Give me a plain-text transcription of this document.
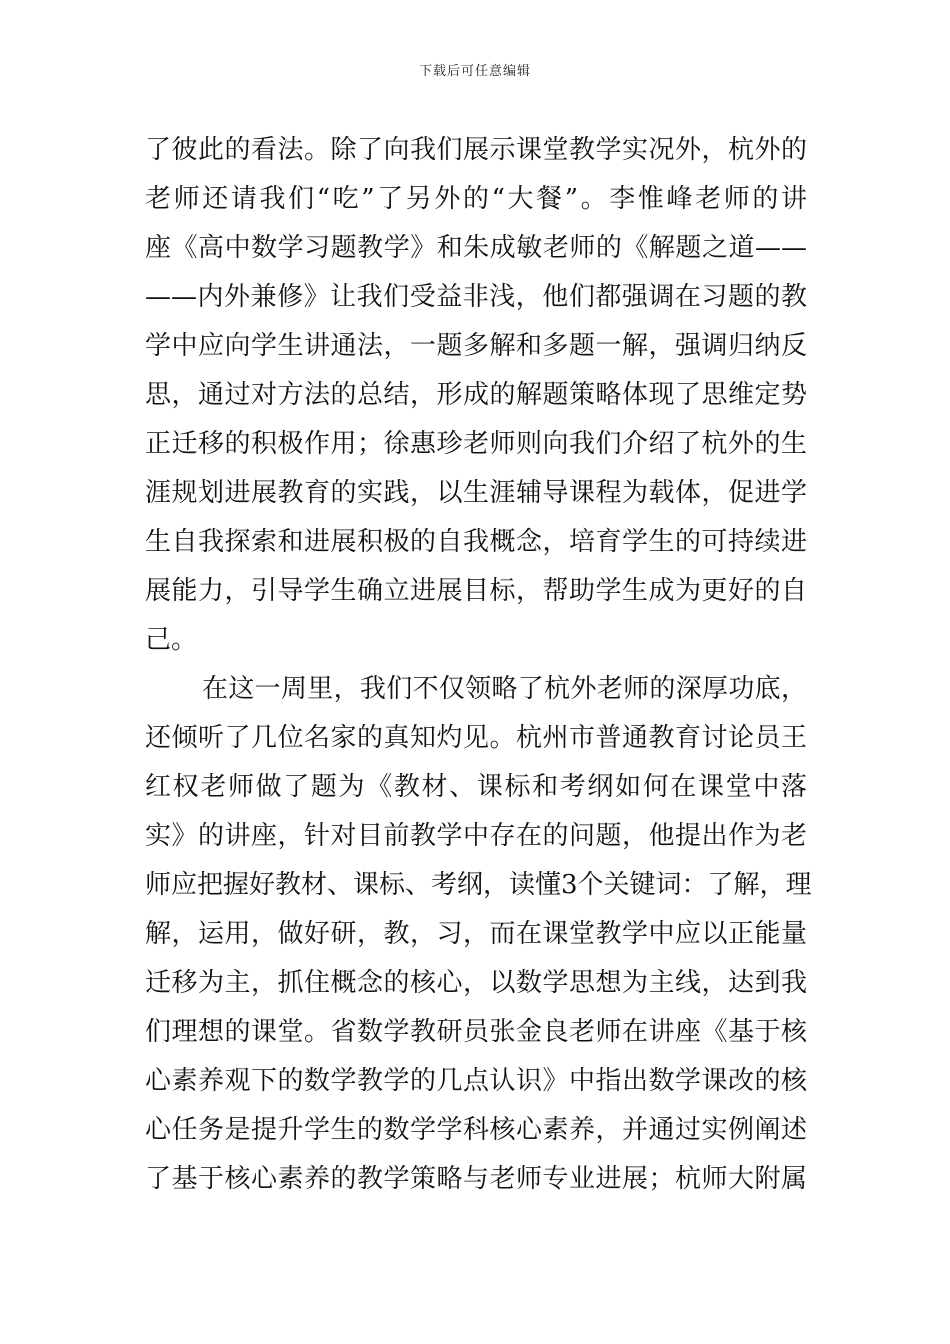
下载后可任意编辑
了彼此的看法。除了向我们展示课堂教学实况外，杭外的
老师还请我们“吃”了另外的“大餐”。李惟峰老师的讲
座《高中数学习题教学》和朱成敏老师的《解题之道——
——内外兼修》让我们受益非浅，他们都强调在习题的教
学中应向学生讲通法，一题多解和多题一解，强调归纳反
思，通过对方法的总结，形成的解题策略体现了思维定势
正迁移的积极作用；徐惠珍老师则向我们介绍了杭外的生
涯规划进展教育的实践，以生涯辅导课程为载体，促进学
生自我探索和进展积极的自我概念，培育学生的可持续进
展能力，引导学生确立进展目标，帮助学生成为更好的自
己。
在这一周里，我们不仅领略了杭外老师的深厚功底，
还倾听了几位名家的真知灼见。杭州市普通教育讨论员王
红权老师做了题为《教材、课标和考纲如何在课堂中落
实》的讲座，针对目前教学中存在的问题，他提出作为老
师应把握好教材、课标、考纲，读懂3个关键词：了解，理
解，运用，做好研，教，习，而在课堂教学中应以正能量
迁移为主，抓住概念的核心，以数学思想为主线，达到我
们理想的课堂。省数学教研员张金良老师在讲座《基于核
心素养观下的数学教学的几点认识》中指出数学课改的核
心任务是提升学生的数学学科核心素养，并通过实例阐述
了基于核心素养的教学策略与老师专业进展；杭师大附属
